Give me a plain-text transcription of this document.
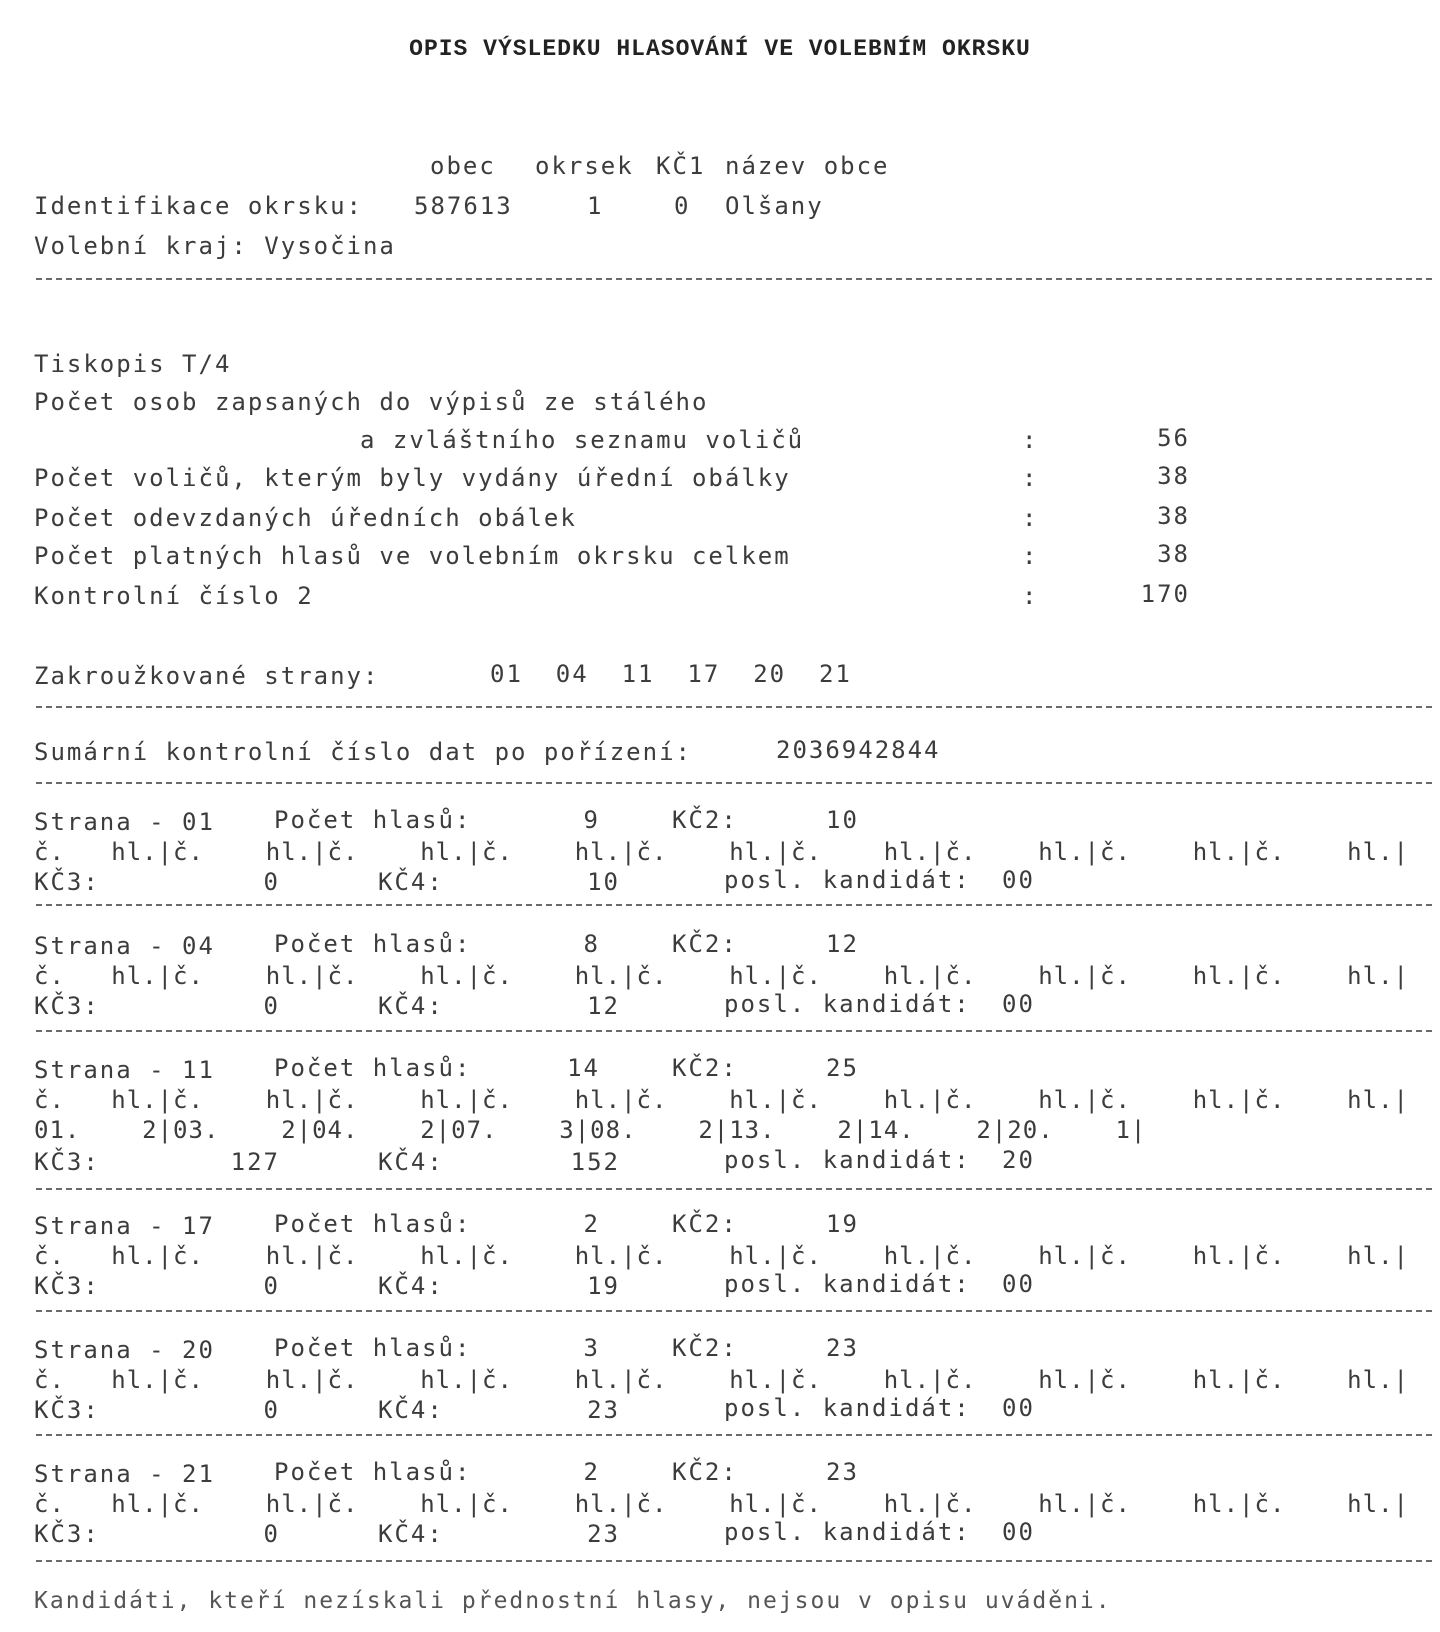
OPIS VÝSLEDKU HLASOVÁNÍ VE VOLEBNÍM OKRSKU
obec okrsek KČ1 název obce
Identifikace okrsku: 587613	1	0 Olšany
Volební kraj: Vysočina
Tiskopis T/4
Počet osob zapsaných do výpisů ze stálého
a zvláštního seznamu voličů	:	56
Počet voličů, kterým byly vydány úřední obálky	:	38
Počet odevzdaných úředních obálek	:	38
Počet platných hlasů ve volebním okrsku celkem	:	38
Kontrolní číslo 2	:	170
Zakroužkované strany:	01  04  11  17  20  21
Sumární kontrolní číslo dat po pořízení:	2036942844
Strana - 01 Počet hlasů:	9	KČ2:	10
č.   hl.|č.    hl.|č.    hl.|č.    hl.|č.    hl.|č.    hl.|č.    hl.|č.    hl.|č.    hl.|
KČ3:	0	KČ4:	10	posl. kandidát: 00
Strana - 04 Počet hlasů:	8	KČ2:	12
č.   hl.|č.    hl.|č.    hl.|č.    hl.|č.    hl.|č.    hl.|č.    hl.|č.    hl.|č.    hl.|
KČ3:	0	KČ4:	12	posl. kandidát: 00
Strana - 11 Počet hlasů:	14	KČ2:	25
č.   hl.|č.    hl.|č.    hl.|č.    hl.|č.    hl.|č.    hl.|č.    hl.|č.    hl.|č.    hl.|
01.    2|03.    2|04.    2|07.    3|08.    2|13.    2|14.    2|20.    1|
KČ3:	127	KČ4:	152	posl. kandidát: 20
Strana - 17 Počet hlasů:	2	KČ2:	19
č.   hl.|č.    hl.|č.    hl.|č.    hl.|č.    hl.|č.    hl.|č.    hl.|č.    hl.|č.    hl.|
KČ3:	0	KČ4:	19	posl. kandidát: 00
Strana - 20 Počet hlasů:	3	KČ2:	23
č.   hl.|č.    hl.|č.    hl.|č.    hl.|č.    hl.|č.    hl.|č.    hl.|č.    hl.|č.    hl.|
KČ3:	0	KČ4:	23	posl. kandidát: 00
Strana - 21 Počet hlasů:	2	KČ2:	23
č.   hl.|č.    hl.|č.    hl.|č.    hl.|č.    hl.|č.    hl.|č.    hl.|č.    hl.|č.    hl.|
KČ3:	0	KČ4:	23	posl. kandidát: 00
Kandidáti, kteří nezískali přednostní hlasy, nejsou v opisu uváděni.
